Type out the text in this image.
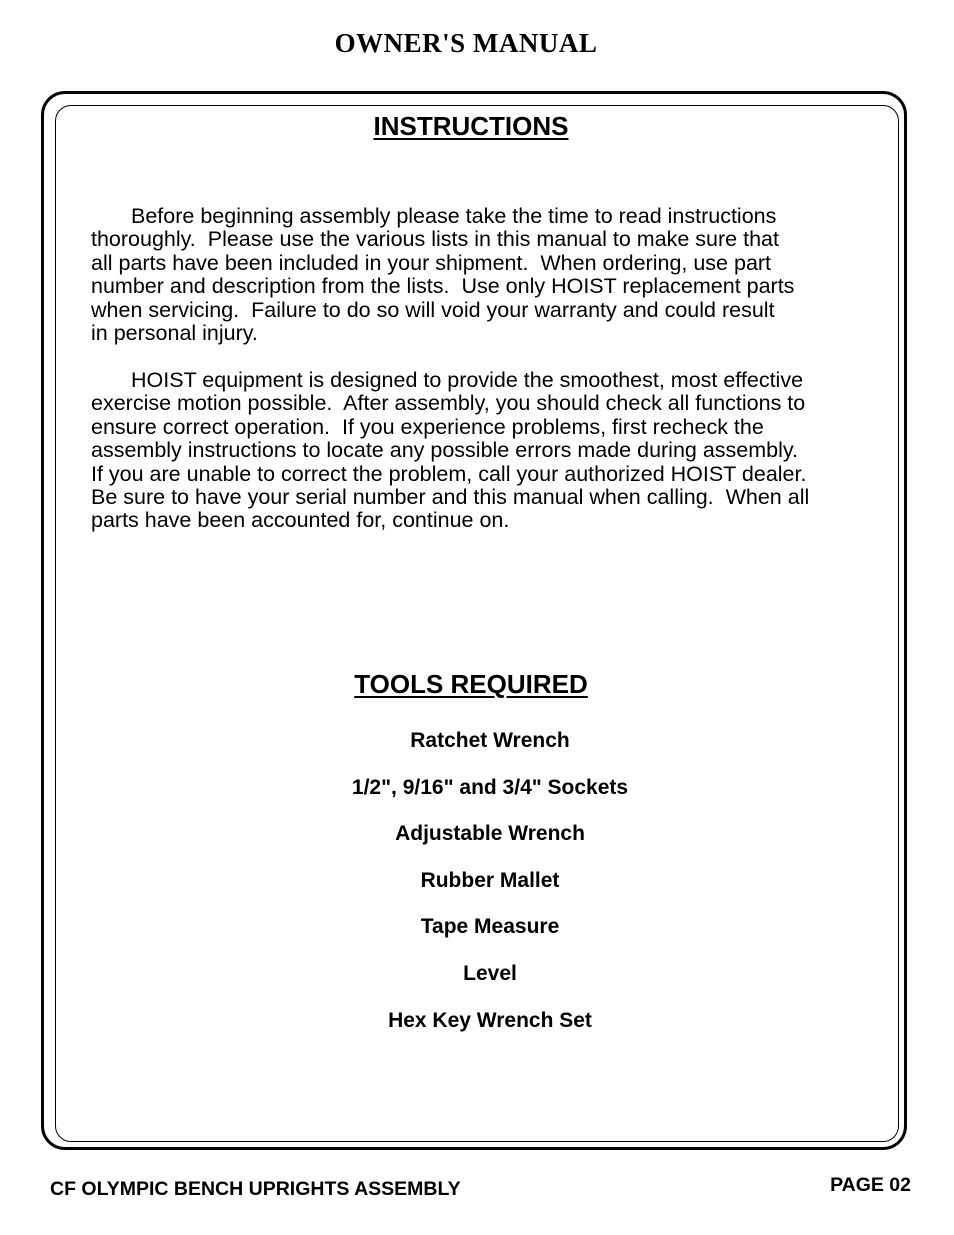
OWNER'S MANUAL
INSTRUCTIONS

Before beginning assembly please take the time to read instructions
thoroughly.  Please use the various lists in this manual to make sure that
all parts have been included in your shipment.  When ordering, use part
number and description from the lists.  Use only HOIST replacement parts
when servicing.  Failure to do so will void your warranty and could result
in personal injury.

HOIST equipment is designed to provide the smoothest, most effective
exercise motion possible.  After assembly, you should check all functions to
ensure correct operation.  If you experience problems, first recheck the
assembly instructions to locate any possible errors made during assembly.
If you are unable to correct the problem, call your authorized HOIST dealer.
Be sure to have your serial number and this manual when calling.  When all
parts have been accounted for, continue on.

TOOLS REQUIRED
Ratchet Wrench
1/2", 9/16" and 3/4" Sockets
Adjustable Wrench
Rubber Mallet
Tape Measure
Level
Hex Key Wrench Set

CF OLYMPIC BENCH UPRIGHTS ASSEMBLY	PAGE 02
